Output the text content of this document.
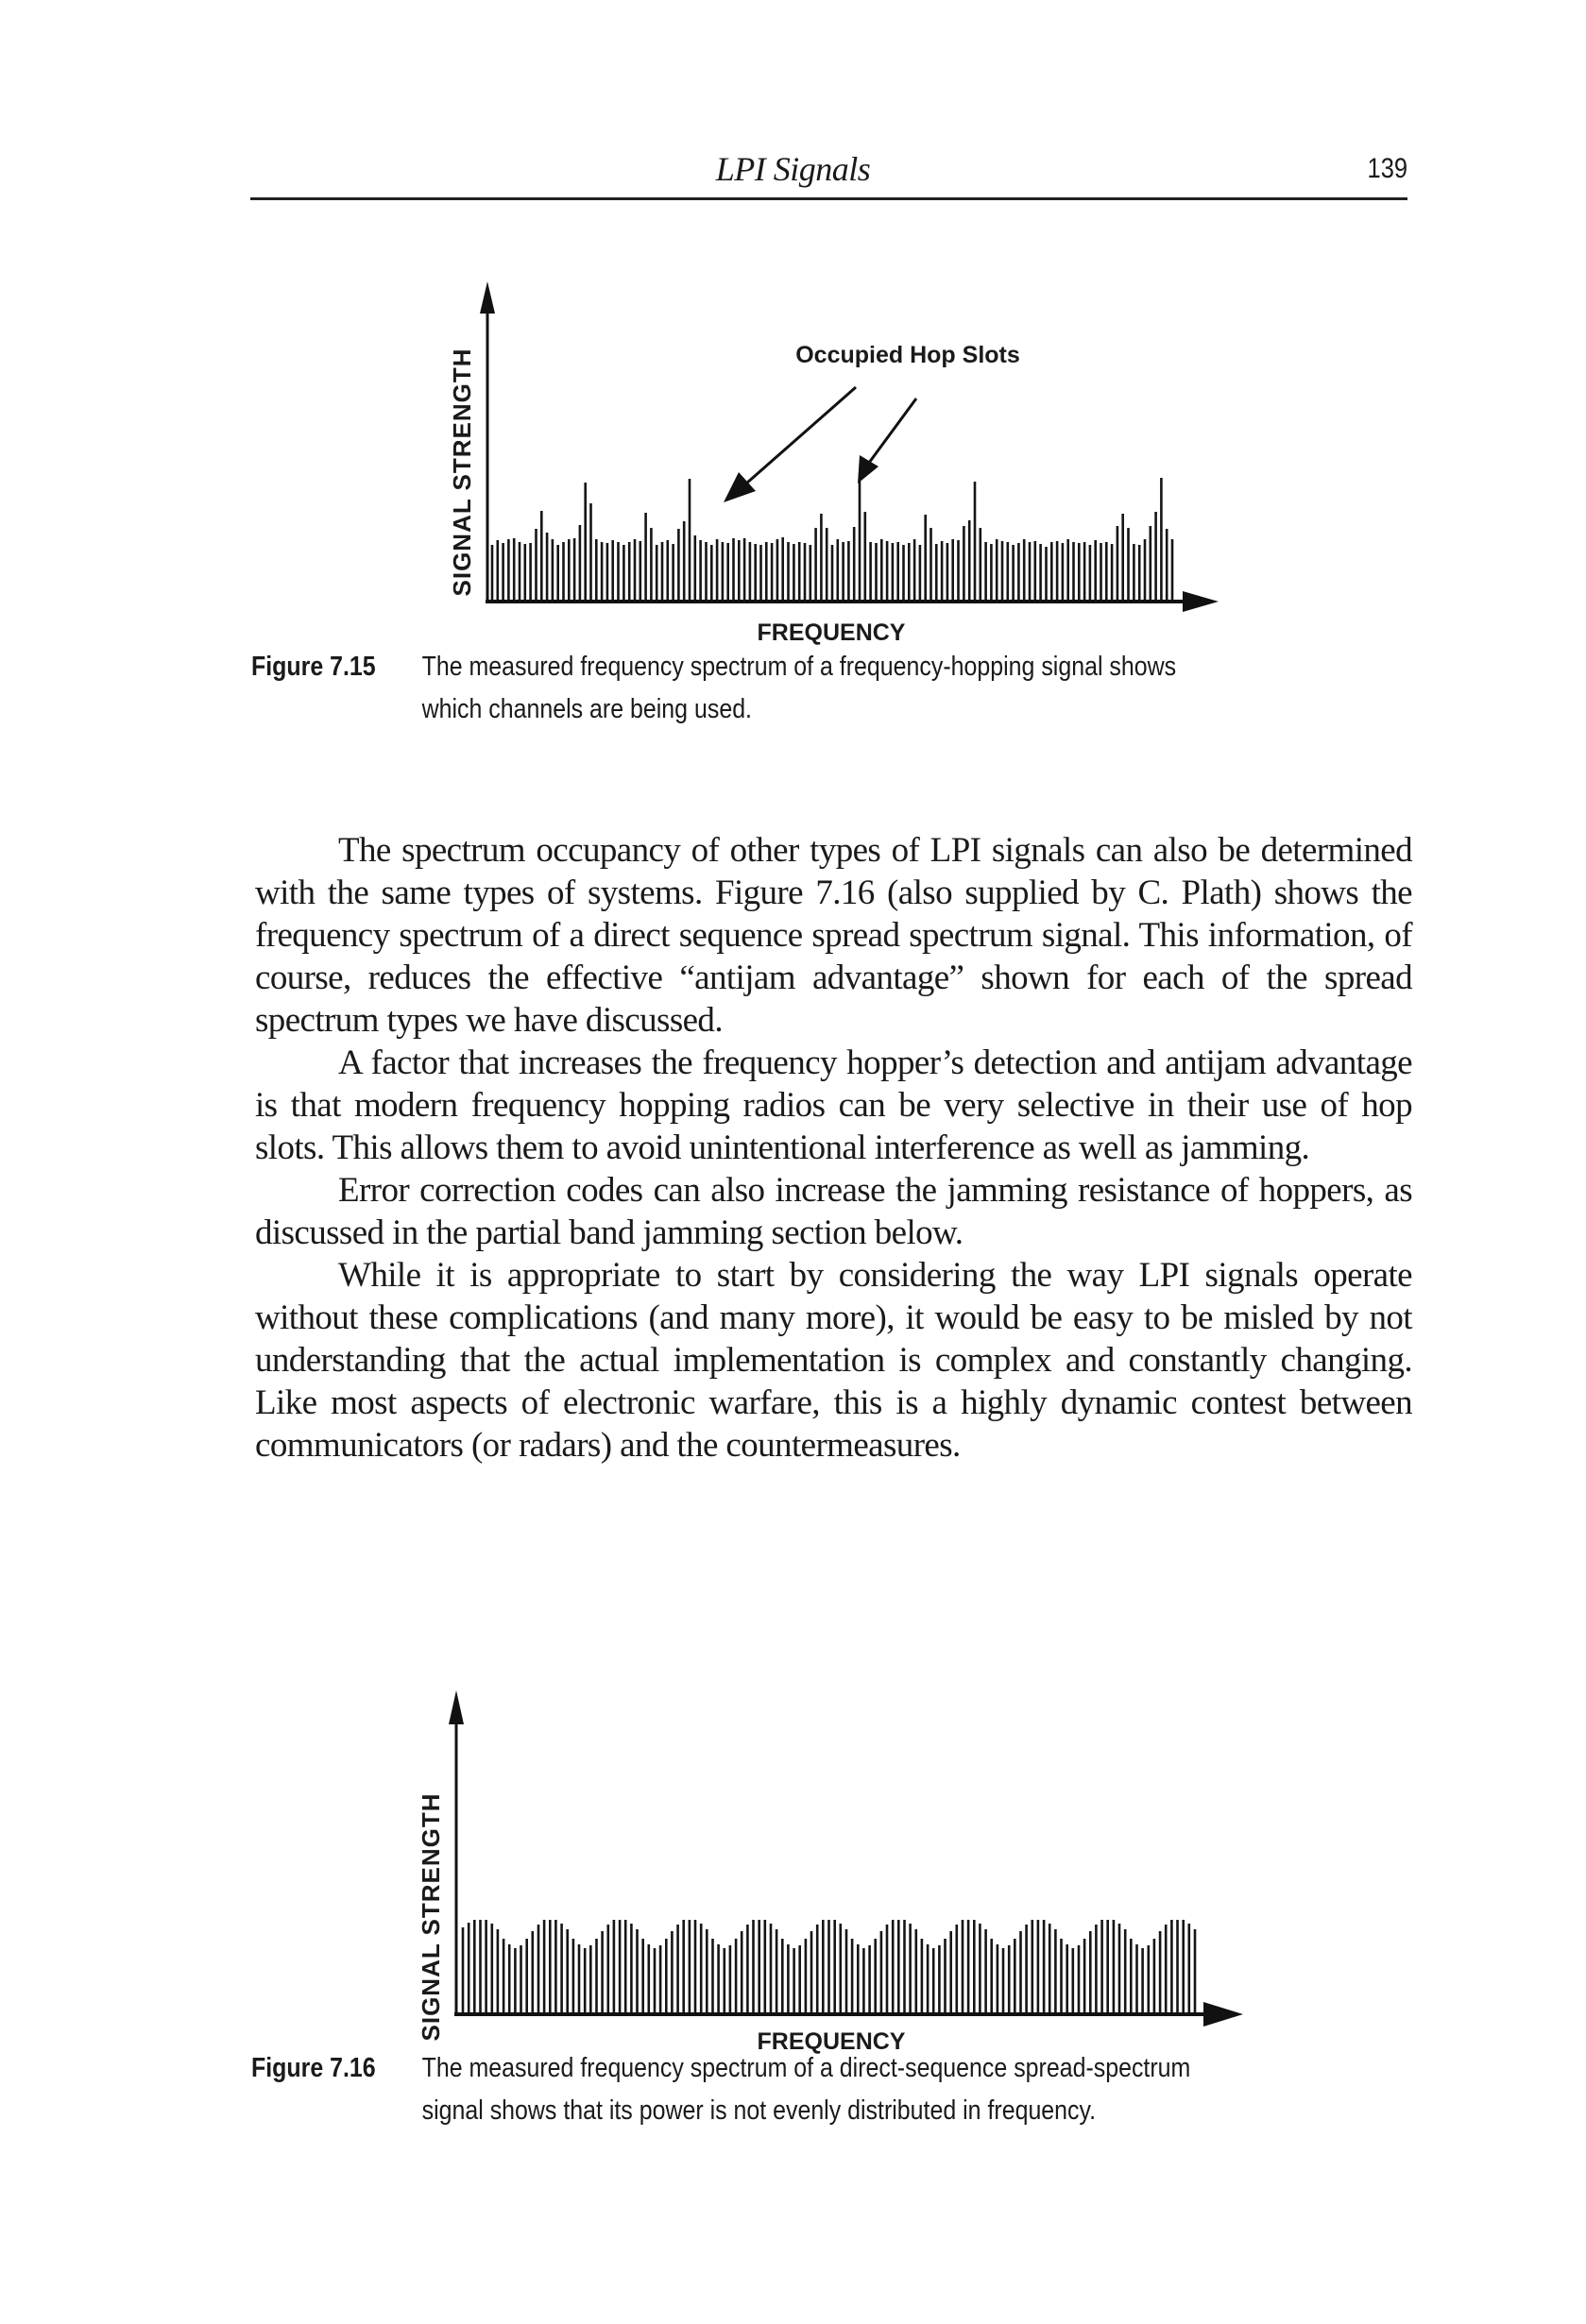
LPI Signals	139
SIGNAL STRENGTH
FREQUENCY
Occupied Hop Slots
Figure 7.15 The measured frequency spectrum of a frequency-hopping signal shows
which channels are being used.

The spectrum occupancy of other types of LPI signals can also be determined with the same types of systems. Figure 7.16 (also supplied by C. Plath) shows the frequency spectrum of a direct sequence spread spectrum signal. This information, of course, reduces the effective “antijam advantage” shown for each of the spread spectrum types we have discussed.

A factor that increases the frequency hopper’s detection and antijam advantage is that modern frequency hopping radios can be very selective in their use of hop slots. This allows them to avoid unintentional interference as well as jamming.

Error correction codes can also increase the jamming resistance of hoppers, as discussed in the partial band jamming section below.

While it is appropriate to start by considering the way LPI signals operate without these complications (and many more), it would be easy to be misled by not understanding that the actual implementation is complex and constantly changing. Like most aspects of electronic warfare, this is a highly dynamic contest between communicators (or radars) and the countermeasures.

SIGNAL STRENGTH
FREQUENCY
Figure 7.16 The measured frequency spectrum of a direct-sequence spread-spectrum
signal shows that its power is not evenly distributed in frequency.
